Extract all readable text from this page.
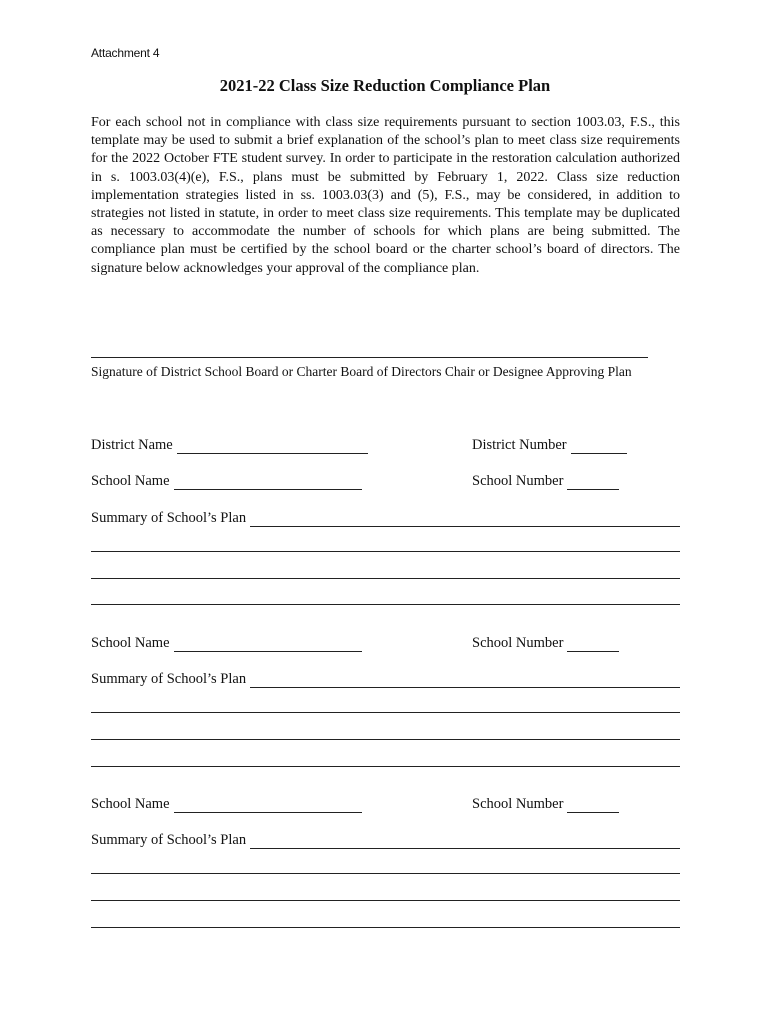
Attachment 4
2021-22 Class Size Reduction Compliance Plan

For each school not in compliance with class size requirements pursuant to section 1003.03, F.S., this template may be used to submit a brief explanation of the school’s plan to meet class size requirements for the 2022 October FTE student survey. In order to participate in the restoration calculation authorized in s. 1003.03(4)(e), F.S., plans must be submitted by February 1, 2022. Class size reduction implementation strategies listed in ss. 1003.03(3) and (5), F.S., may be considered, in addition to strategies not listed in statute, in order to meet class size requirements. This template may be duplicated as necessary to accommodate the number of schools for which plans are being submitted. The compliance plan must be certified by the school board or the charter school’s board of directors. The signature below acknowledges your approval of the compliance plan.

Signature of District School Board or Charter Board of Directors Chair or Designee Approving Plan
District Name	District Number
School Name	School Number
Summary of School’s Plan
School Name	School Number
Summary of School’s Plan
School Name	School Number
Summary of School’s Plan
